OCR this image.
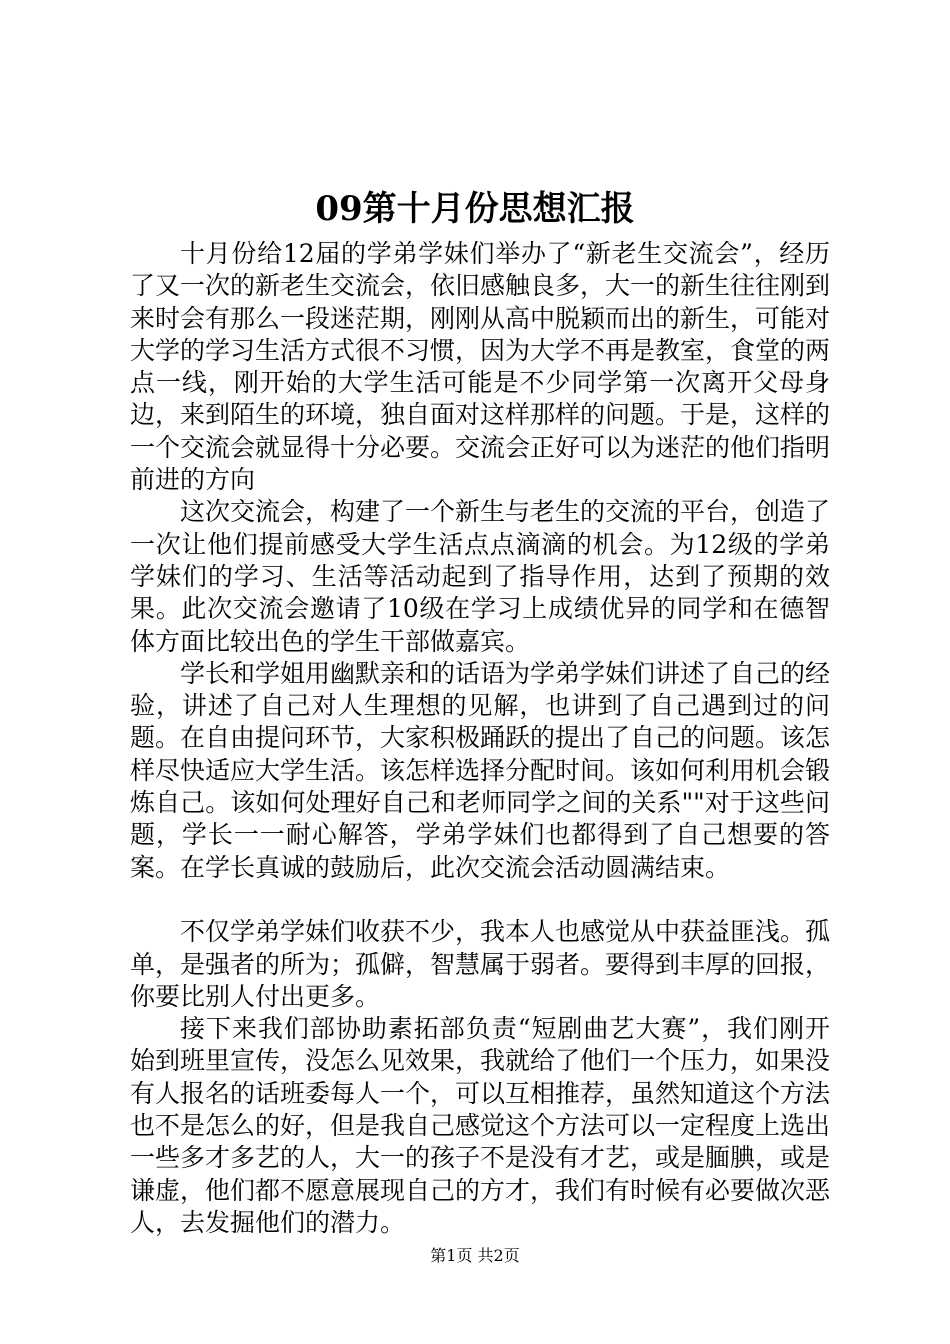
09第十月份思想汇报

十月份给12届的学弟学妹们举办了“新老生交流会”，经历了又一次的新老生交流会，依旧感触良多，大一的新生往往刚到来时会有那么一段迷茫期，刚刚从高中脱颖而出的新生，可能对大学的学习生活方式很不习惯，因为大学不再是教室，食堂的两点一线，刚开始的大学生活可能是不少同学第一次离开父母身边，来到陌生的环境，独自面对这样那样的问题。于是，这样的一个交流会就显得十分必要。交流会正好可以为迷茫的他们指明前进的方向

这次交流会，构建了一个新生与老生的交流的平台，创造了一次让他们提前感受大学生活点点滴滴的机会。为12级的学弟学妹们的学习、生活等活动起到了指导作用，达到了预期的效果。此次交流会邀请了10级在学习上成绩优异的同学和在德智体方面比较出色的学生干部做嘉宾。

学长和学姐用幽默亲和的话语为学弟学妹们讲述了自己的经验，讲述了自己对人生理想的见解，也讲到了自己遇到过的问题。在自由提问环节，大家积极踊跃的提出了自己的问题。该怎样尽快适应大学生活。该怎样选择分配时间。该如何利用机会锻炼自己。该如何处理好自己和老师同学之间的关系""对于这些问题，学长一一耐心解答，学弟学妹们也都得到了自己想要的答案。在学长真诚的鼓励后，此次交流会活动圆满结束。

不仅学弟学妹们收获不少，我本人也感觉从中获益匪浅。孤单，是强者的所为；孤僻，智慧属于弱者。要得到丰厚的回报，你要比别人付出更多。

接下来我们部协助素拓部负责“短剧曲艺大赛”，我们刚开始到班里宣传，没怎么见效果，我就给了他们一个压力，如果没有人报名的话班委每人一个，可以互相推荐，虽然知道这个方法也不是怎么的好，但是我自己感觉这个方法可以一定程度上选出一些多才多艺的人，大一的孩子不是没有才艺，或是腼腆，或是谦虚，他们都不愿意展现自己的方才，我们有时候有必要做次恶人，去发掘他们的潜力。

第1页 共2页
